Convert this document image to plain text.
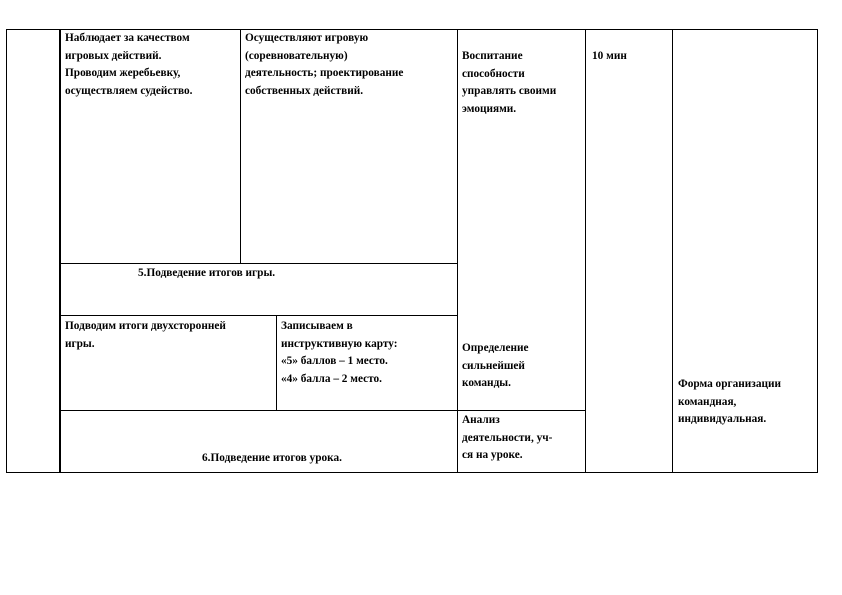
Наблюдает за качеством
игровых действий.
Проводим жеребьевку,
осуществляем судейство.
Осуществляют игровую
(соревновательную)
деятельность; проектирование
собственных действий.
Воспитание
способности
управлять своими
эмоциями.
10 мин
5.Подведение итогов игры.
Подводим итоги двухсторонней
игры.
Записываем в
инструктивную карту:
«5» баллов – 1 место.
«4» балла – 2 место.
Определение
сильнейшей
команды.	Форма организации
командная,
индивидуальная.
6.Подведение итогов урока.
Анализ
деятельности, уч-
ся на уроке.
